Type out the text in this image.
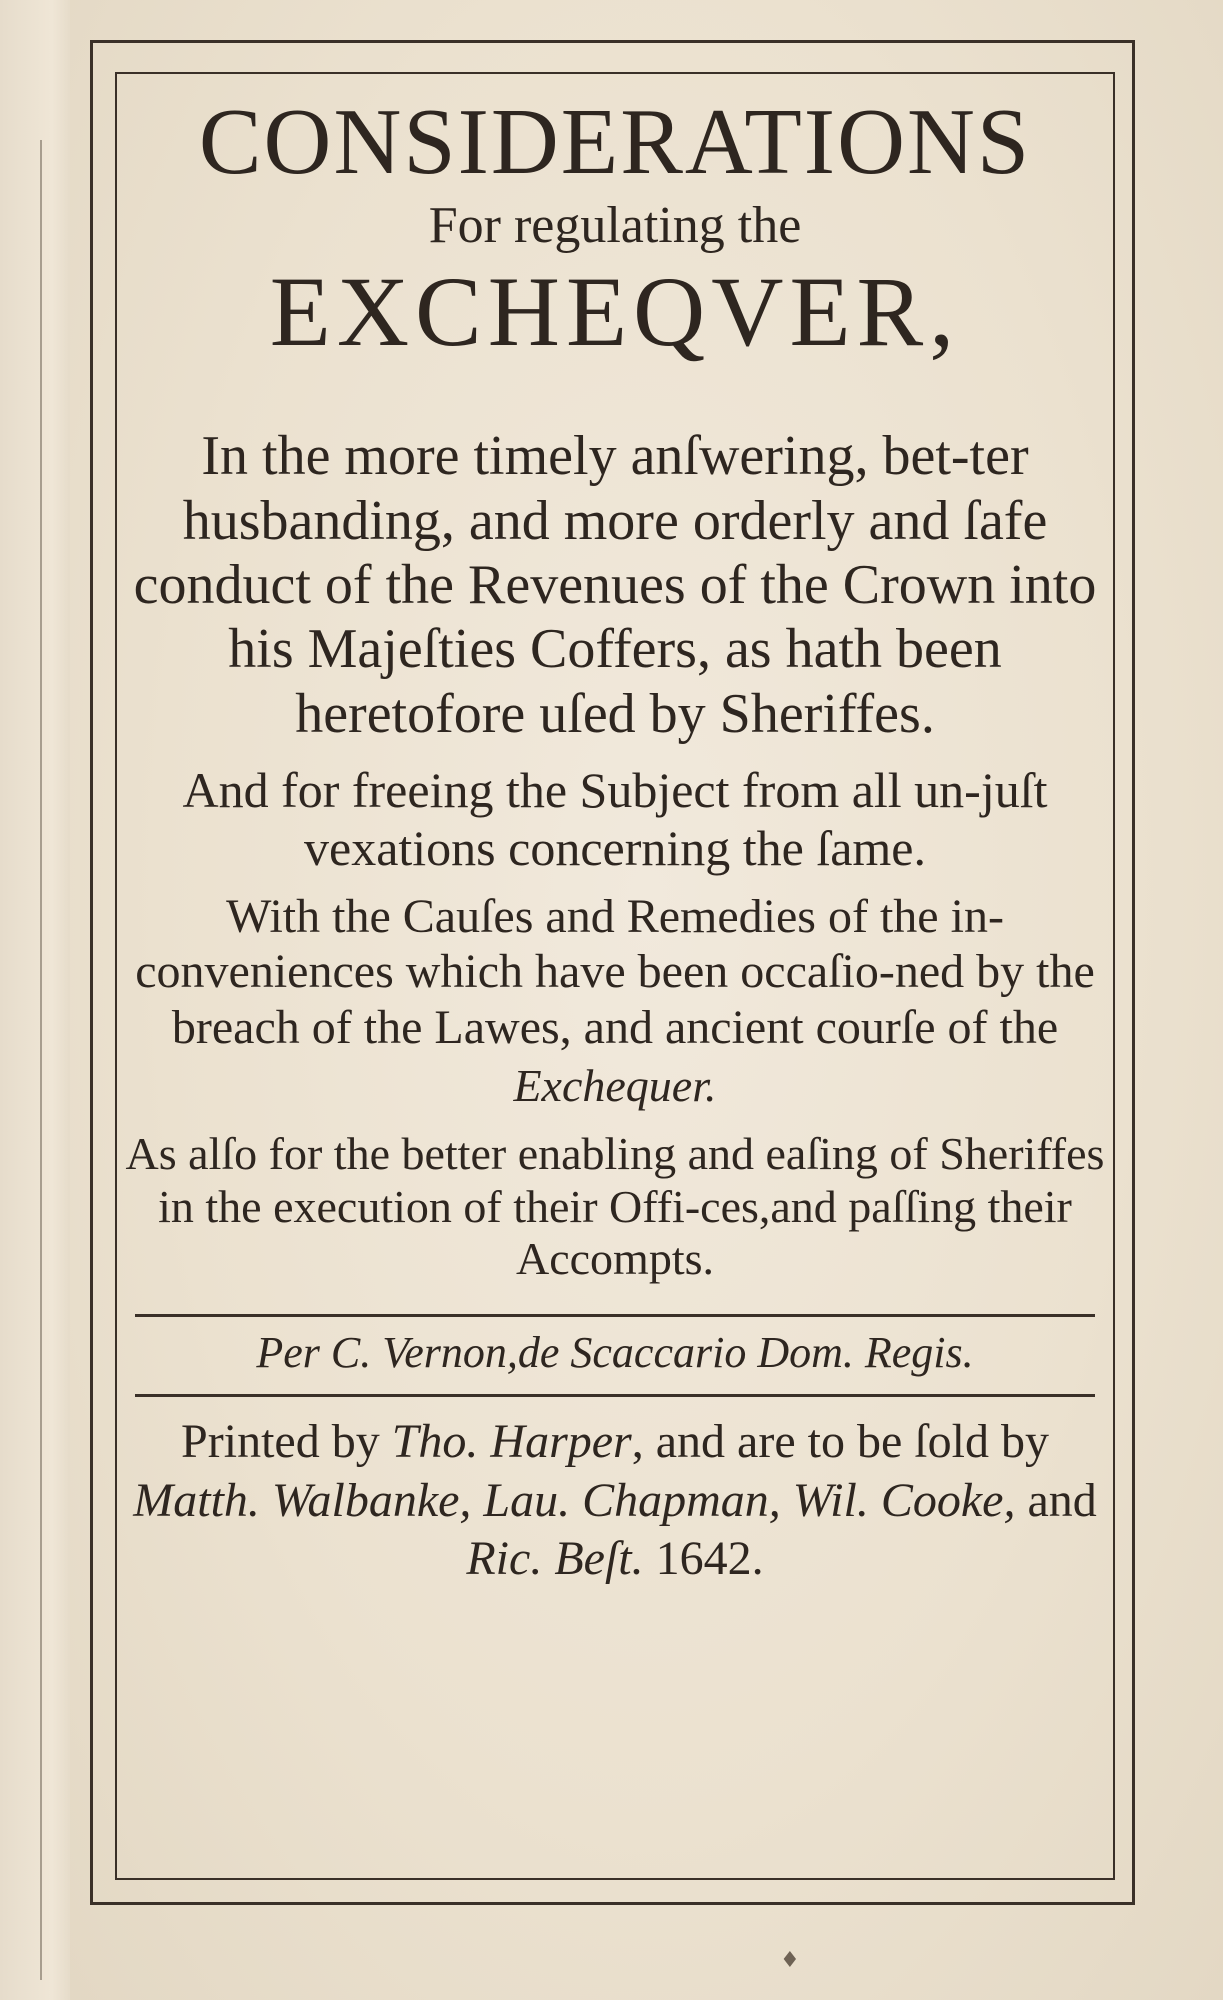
CONSIDERATIONS

For regulating the

EXCHEQVER,

In the more timely anſwering, bet-ter husbanding, and more orderly and ſafe conduct of the Revenues of the Crown into his Majeſties Coffers, as hath been heretofore uſed by Sheriffes.

And for freeing the Subject from all un-juſt vexations concerning the ſame.

With the Cauſes and Remedies of the in-conveniences which have been occaſio-ned by the breach of the Lawes, and ancient courſe of the

Exchequer.

As alſo for the better enabling and eaſing of Sheriffes in the execution of their Offi-ces,and paſſing their Accompts.

Per C. Vernon,de Scaccario Dom. Regis.

Printed by Tho. Harper, and are to be ſold by Matth. Walbanke, Lau. Chapman, Wil. Cooke, and Ric. Beſt. 1642.

♦
